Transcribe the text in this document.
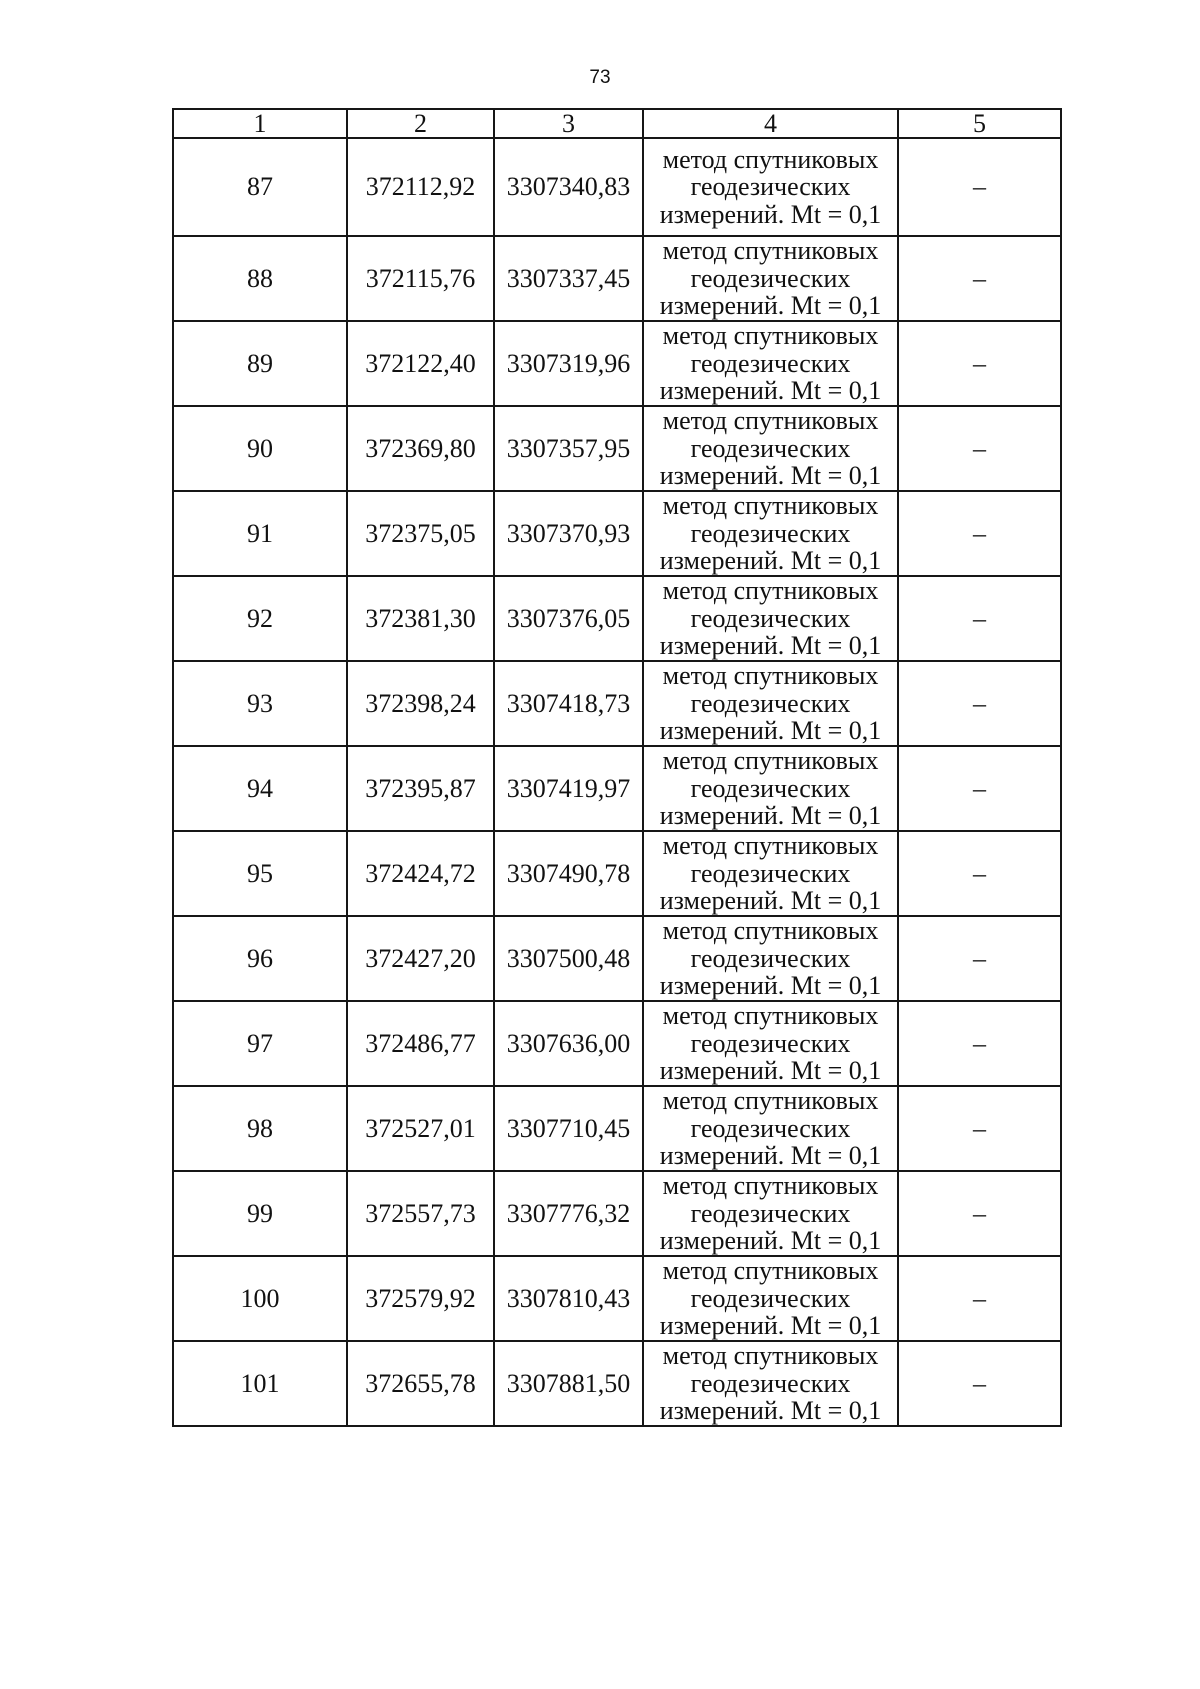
73
1	2	3	4	5
87	372112,92	3307340,83	метод спутниковых
геодезических
измерений. Mt = 0,1	–
88	372115,76	3307337,45	метод спутниковых
геодезических
измерений. Mt = 0,1	–
89	372122,40	3307319,96	метод спутниковых
геодезических
измерений. Mt = 0,1	–
90	372369,80	3307357,95	метод спутниковых
геодезических
измерений. Mt = 0,1	–
91	372375,05	3307370,93	метод спутниковых
геодезических
измерений. Mt = 0,1	–
92	372381,30	3307376,05	метод спутниковых
геодезических
измерений. Mt = 0,1	–
93	372398,24	3307418,73	метод спутниковых
геодезических
измерений. Mt = 0,1	–
94	372395,87	3307419,97	метод спутниковых
геодезических
измерений. Mt = 0,1	–
95	372424,72	3307490,78	метод спутниковых
геодезических
измерений. Mt = 0,1	–
96	372427,20	3307500,48	метод спутниковых
геодезических
измерений. Mt = 0,1	–
97	372486,77	3307636,00	метод спутниковых
геодезических
измерений. Mt = 0,1	–
98	372527,01	3307710,45	метод спутниковых
геодезических
измерений. Mt = 0,1	–
99	372557,73	3307776,32	метод спутниковых
геодезических
измерений. Mt = 0,1	–
100	372579,92	3307810,43	метод спутниковых
геодезических
измерений. Mt = 0,1	–
101	372655,78	3307881,50	метод спутниковых
геодезических
измерений. Mt = 0,1	–
